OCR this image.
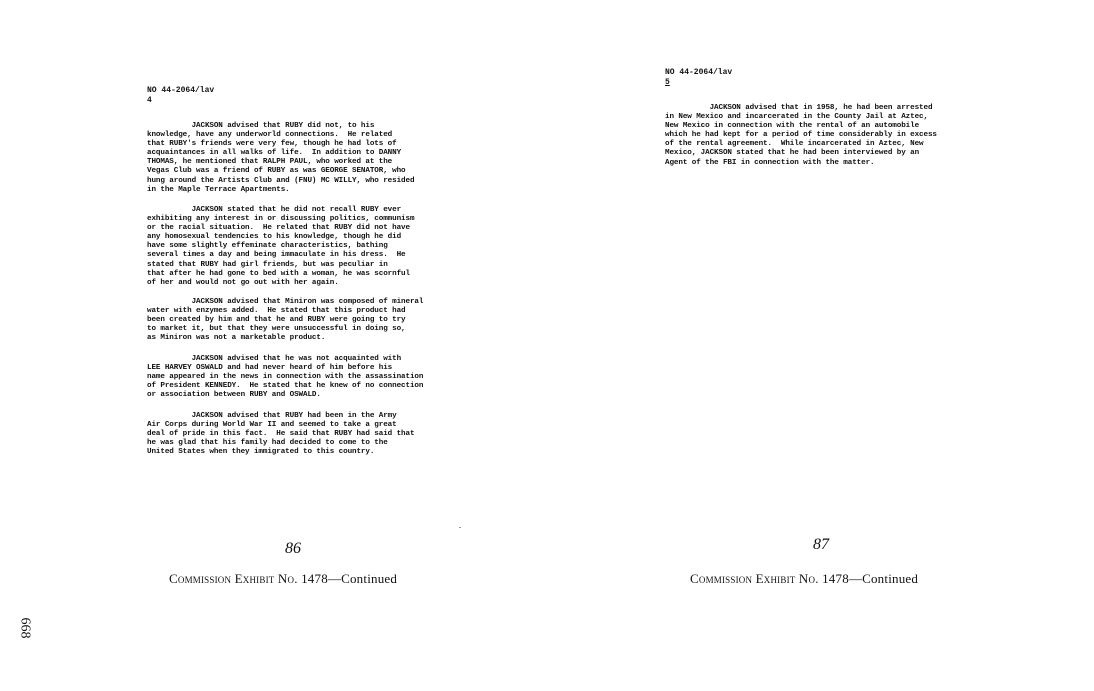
NO 44-2064/lav
4
JACKSON advised that RUBY did not, to his
knowledge, have any underworld connections.  He related
that RUBY's friends were very few, though he had lots of
acquaintances in all walks of life.  In addition to DANNY
THOMAS, he mentioned that RALPH PAUL, who worked at the
Vegas Club was a friend of RUBY as was GEORGE SENATOR, who
hung around the Artists Club and (FNU) MC WILLY, who resided
in the Maple Terrace Apartments.
JACKSON stated that he did not recall RUBY ever
exhibiting any interest in or discussing politics, communism
or the racial situation.  He related that RUBY did not have
any homosexual tendencies to his knowledge, though he did
have some slightly effeminate characteristics, bathing
several times a day and being immaculate in his dress.  He
stated that RUBY had girl friends, but was peculiar in
that after he had gone to bed with a woman, he was scornful
of her and would not go out with her again.
JACKSON advised that Miniron was composed of mineral
water with enzymes added.  He stated that this product had
been created by him and that he and RUBY were going to try
to market it, but that they were unsuccessful in doing so,
as Miniron was not a marketable product.
JACKSON advised that he was not acquainted with
LEE HARVEY OSWALD and had never heard of him before his
name appeared in the news in connection with the assassination
of President KENNEDY.  He stated that he knew of no connection
or association between RUBY and OSWALD.
JACKSON advised that RUBY had been in the Army
Air Corps during World War II and seemed to take a great
deal of pride in this fact.  He said that RUBY had said that
he was glad that his family had decided to come to the
United States when they immigrated to this country.
86
Commission Exhibit No. 1478—Continued
NO 44-2064/lav
5
JACKSON advised that in 1958, he had been arrested
in New Mexico and incarcerated in the County Jail at Aztec,
New Mexico in connection with the rental of an automobile
which he had kept for a period of time considerably in excess
of the rental agreement.  While incarcerated in Aztec, New
Mexico, JACKSON stated that he had been interviewed by an
Agent of the FBI in connection with the matter.
87
Commission Exhibit No. 1478—Continued
668
